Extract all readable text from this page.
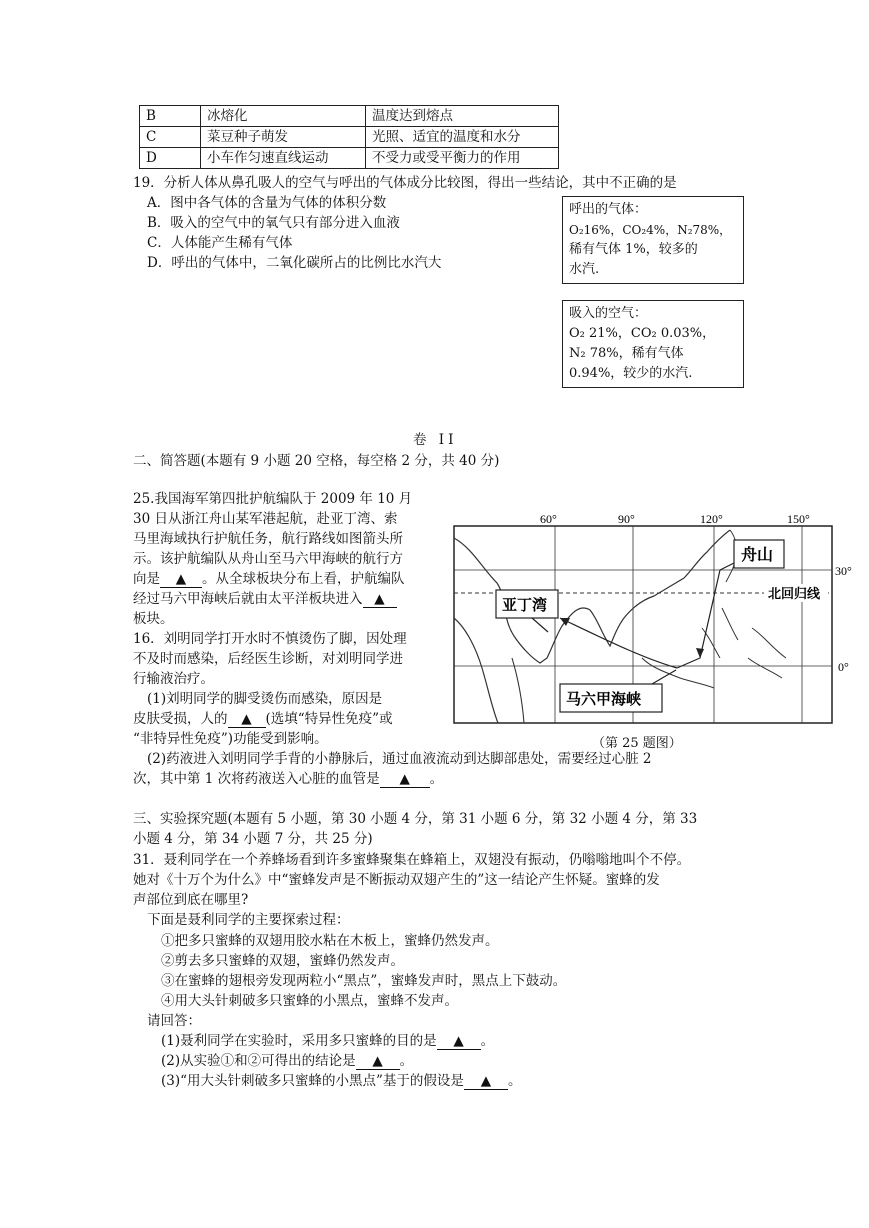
B	冰熔化	温度达到熔点
C	菜豆种子萌发	光照、适宜的温度和水分
D	小车作匀速直线运动	不受力或受平衡力的作用
19．分析人体从鼻孔吸人的空气与呼出的气体成分比较图，得出一些结论，其中不正确的是
A．图中各气体的含量为气体的体积分数
B．吸入的空气中的氧气只有部分进入血液
C．人体能产生稀有气体
D．呼出的气体中，二氧化碳所占的比例比水汽大
呼出的气体：
O₂16%，CO₂4%，N₂78%，
稀有气体 1%，较多的
水汽.
吸入的空气：
O₂ 21%，CO₂ 0.03%，
N₂ 78%，稀有气体
0.94%，较少的水汽.
卷 II
二、简答题(本题有 9 小题 20 空格，每空格 2 分，共 40 分)
25.我国海军第四批护航编队于 2009 年 10 月
30 日从浙江舟山某军港起航，赴亚丁湾、索
马里海域执行护航任务，航行路线如图箭头所
示。该护航编队从舟山至马六甲海峡的航行方
向是 ▲ 。从全球板块分布上看，护航编队
经过马六甲海峡后就由太平洋板块进入 ▲
板块。
60°	90°	120°	150°
30°
0°
北回归线
舟山
亚丁湾
马六甲海峡
（第 25 题图）
16．刘明同学打开水时不慎烫伤了脚，因处理
不及时而感染，后经医生诊断，对刘明同学进
行输液治疗。
(1)刘明同学的脚受烫伤而感染，原因是
皮肤受损，人的 ▲ (选填“特异性免疫”或
“非特异性免疫”)功能受到影响。
(2)药液进入刘明同学手背的小静脉后，通过血液流动到达脚部患处，需要经过心脏 2
次，其中第 1 次将药液送入心脏的血管是 ▲ 。
三、实验探究题(本题有 5 小题，第 30 小题 4 分，第 31 小题 6 分，第 32 小题 4 分，第 33
小题 4 分，第 34 小题 7 分，共 25 分)
31．聂利同学在一个养蜂场看到许多蜜蜂聚集在蜂箱上，双翅没有振动，仍嗡嗡地叫个不停。
她对《十万个为什么》中“蜜蜂发声是不断振动双翅产生的”这一结论产生怀疑。蜜蜂的发
声部位到底在哪里?
下面是聂利同学的主要探索过程：
①把多只蜜蜂的双翅用胶水粘在木板上，蜜蜂仍然发声。
②剪去多只蜜蜂的双翅，蜜蜂仍然发声。
③在蜜蜂的翅根旁发现两粒小“黑点”，蜜蜂发声时，黑点上下鼓动。
④用大头针刺破多只蜜蜂的小黑点，蜜蜂不发声。
请回答：
(1)聂利同学在实验时，采用多只蜜蜂的目的是 ▲ 。
(2)从实验①和②可得出的结论是 ▲ 。
(3)“用大头针刺破多只蜜蜂的小黑点”基于的假设是 ▲ 。
